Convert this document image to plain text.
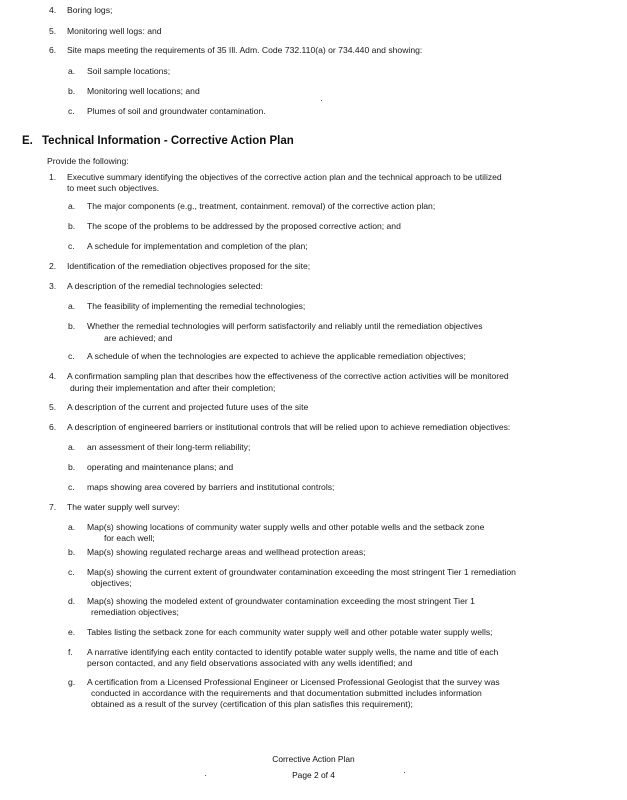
4. Boring logs;
5. Monitoring well logs: and
6. Site maps meeting the requirements of 35 Ill. Adm. Code 732.110(a) or 734.440 and showing:
a. Soil sample locations;
b. Monitoring well locations; and
c. Plumes of soil and groundwater contamination.
E. Technical Information - Corrective Action Plan
Provide the following:
1. Executive summary identifying the objectives of the corrective action plan and the technical approach to be utilized
to meet such objectives.
a. The major components (e.g., treatment, containment. removal) of the corrective action plan;
b. The scope of the problems to be addressed by the proposed corrective action; and
c. A schedule for implementation and completion of the plan;
2. Identification of the remediation objectives proposed for the site;
3. A description of the remedial technologies selected:
a. The feasibility of implementing the remedial technologies;
b. Whether the remedial technologies will perform satisfactorily and reliably until the remediation objectives
are achieved; and
c. A schedule of when the technologies are expected to achieve the applicable remediation objectives;
4. A confirmation sampling plan that describes how the effectiveness of the corrective action activities will be monitored
during their implementation and after their completion;
5. A description of the current and projected future uses of the site
6. A description of engineered barriers or institutional controls that will be relied upon to achieve remediation objectives:
a. an assessment of their long-term reliability;
b. operating and maintenance plans; and
c. maps showing area covered by barriers and institutional controls;
7. The water supply well survey:
a. Map(s) showing locations of community water supply wells and other potable wells and the setback zone
for each well;
b. Map(s) showing regulated recharge areas and wellhead protection areas;
c. Map(s) showing the current extent of groundwater contamination exceeding the most stringent Tier 1 remediation
objectives;
d. Map(s) showing the modeled extent of groundwater contamination exceeding the most stringent Tier 1
remediation objectives;
e. Tables listing the setback zone for each community water supply well and other potable water supply wells;
f. A narrative identifying each entity contacted to identify potable water supply wells, the name and title of each
person contacted, and any field observations associated with any wells identified; and
g. A certification from a Licensed Professional Engineer or Licensed Professional Geologist that the survey was
conducted in accordance with the requirements and that documentation submitted includes information
obtained as a result of the survey (certification of this plan satisfies this requirement);
Corrective Action Plan
Page 2 of 4
